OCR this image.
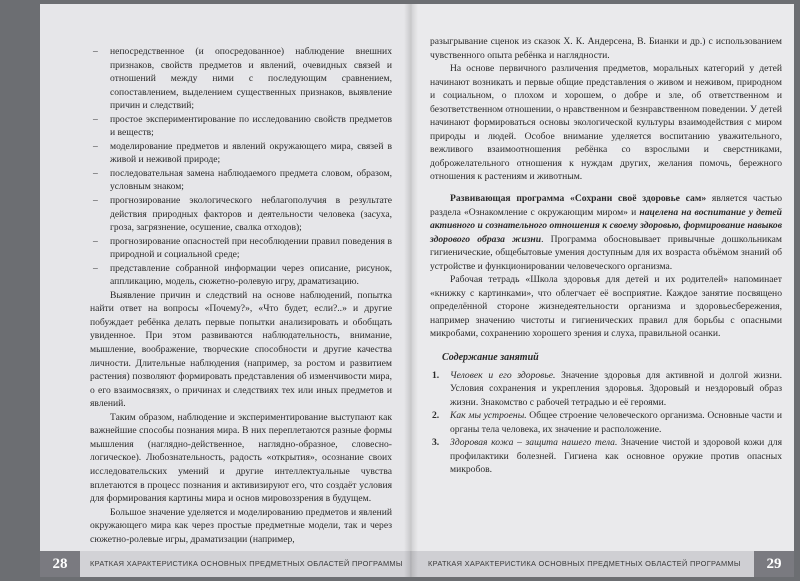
– непосредственное (и опосредованное) наблюдение внешних признаков, свойств предметов и явлений, очевидных связей и отношений между ними с последующим сравнением, сопоставлением, выделением существенных признаков, выявление причин и следствий;

– простое экспериментирование по исследованию свойств предметов и веществ;

– моделирование предметов и явлений окружающего мира, связей в живой и неживой природе;

– последовательная замена наблюдаемого предмета словом, образом, условным знаком;

– прогнозирование экологического неблагополучия в результате действия природных факторов и деятельности человека (засуха, гроза, загрязнение, осушение, свалка отходов);

– прогнозирование опасностей при несоблюдении правил поведения в природной и социальной среде;

– представление собранной информации через описание, рисунок, аппликацию, модель, сюжетно-ролевую игру, драматизацию.

Выявление причин и следствий на основе наблюдений, попытка найти ответ на вопросы «Почему?», «Что будет, если?..» и другие побуждает ребёнка делать первые попытки анализировать и обобщать увиденное. При этом развиваются наблюдательность, внимание, мышление, воображение, творческие способности и другие качества личности. Длительные наблюдения (например, за ростом и развитием растения) позволяют формировать представления об изменчивости мира, о его взаимосвязях, о причинах и следствиях тех или иных предметов и явлений.

Таким образом, наблюдение и экспериментирование выступают как важнейшие способы познания мира. В них переплетаются разные формы мышления (наглядно-действенное, наглядно-образное, словесно-логическое). Любознательность, радость «открытия», осознание своих исследовательских умений и другие интеллектуальные чувства вплетаются в процесс познания и активизируют его, что создаёт условия для формирования картины мира и основ мировоззрения в будущем.

Большое значение уделяется и моделированию предметов и явлений окружающего мира как через простые предметные модели, так и через сюжетно-ролевые игры, драматизации (например,

28	КРАТКАЯ ХАРАКТЕРИСТИКА ОСНОВНЫХ ПРЕДМЕТНЫХ ОБЛАСТЕЙ ПРОГРАММЫ

разыгрывание сценок из сказок Х. К. Андерсена, В. Бианки и др.) с использованием чувственного опыта ребёнка и наглядности.

На основе первичного различения предметов, моральных категорий у детей начинают возникать и первые общие представления о живом и неживом, природном и социальном, о плохом и хорошем, о добре и зле, об ответственном и безответственном отношении, о нравственном и безнравственном поведении. У детей начинают формироваться основы экологической культуры взаимодействия с миром природы и людей. Особое внимание уделяется воспитанию уважительного, вежливого взаимоотношения ребёнка со взрослыми и сверстниками, доброжелательного отношения к нуждам других, желания помочь, бережного отношения к растениям и животным.

Развивающая программа «Сохрани своё здоровье сам» является частью раздела «Ознакомление с окружающим миром» и нацелена на воспитание у детей активного и сознательного отношения к своему здоровью, формирование навыков здорового образа жизни. Программа обосновывает привычные дошкольникам гигиенические, общебытовые умения доступным для их возраста объёмом знаний об устройстве и функционировании человеческого организма.

Рабочая тетрадь «Школа здоровья для детей и их родителей» напоминает «книжку с картинками», что облегчает её восприятие. Каждое занятие посвящено определённой стороне жизнедеятельности организма и здоровьесбережения, например значению чистоты и гигиенических правил для борьбы с опасными микробами, сохранению хорошего зрения и слуха, правильной осанки.

Содержание занятий

1. Человек и его здоровье. Значение здоровья для активной и долгой жизни. Условия сохранения и укрепления здоровья. Здоровый и нездоровый образ жизни. Знакомство с рабочей тетрадью и её героями.

2. Как мы устроены. Общее строение человеческого организма. Основные части и органы тела человека, их значение и расположение.

3. Здоровая кожа – защита нашего тела. Значение чистой и здоровой кожи для профилактики болезней. Гигиена как основное оружие против опасных микробов.

КРАТКАЯ ХАРАКТЕРИСТИКА ОСНОВНЫХ ПРЕДМЕТНЫХ ОБЛАСТЕЙ ПРОГРАММЫ	29
